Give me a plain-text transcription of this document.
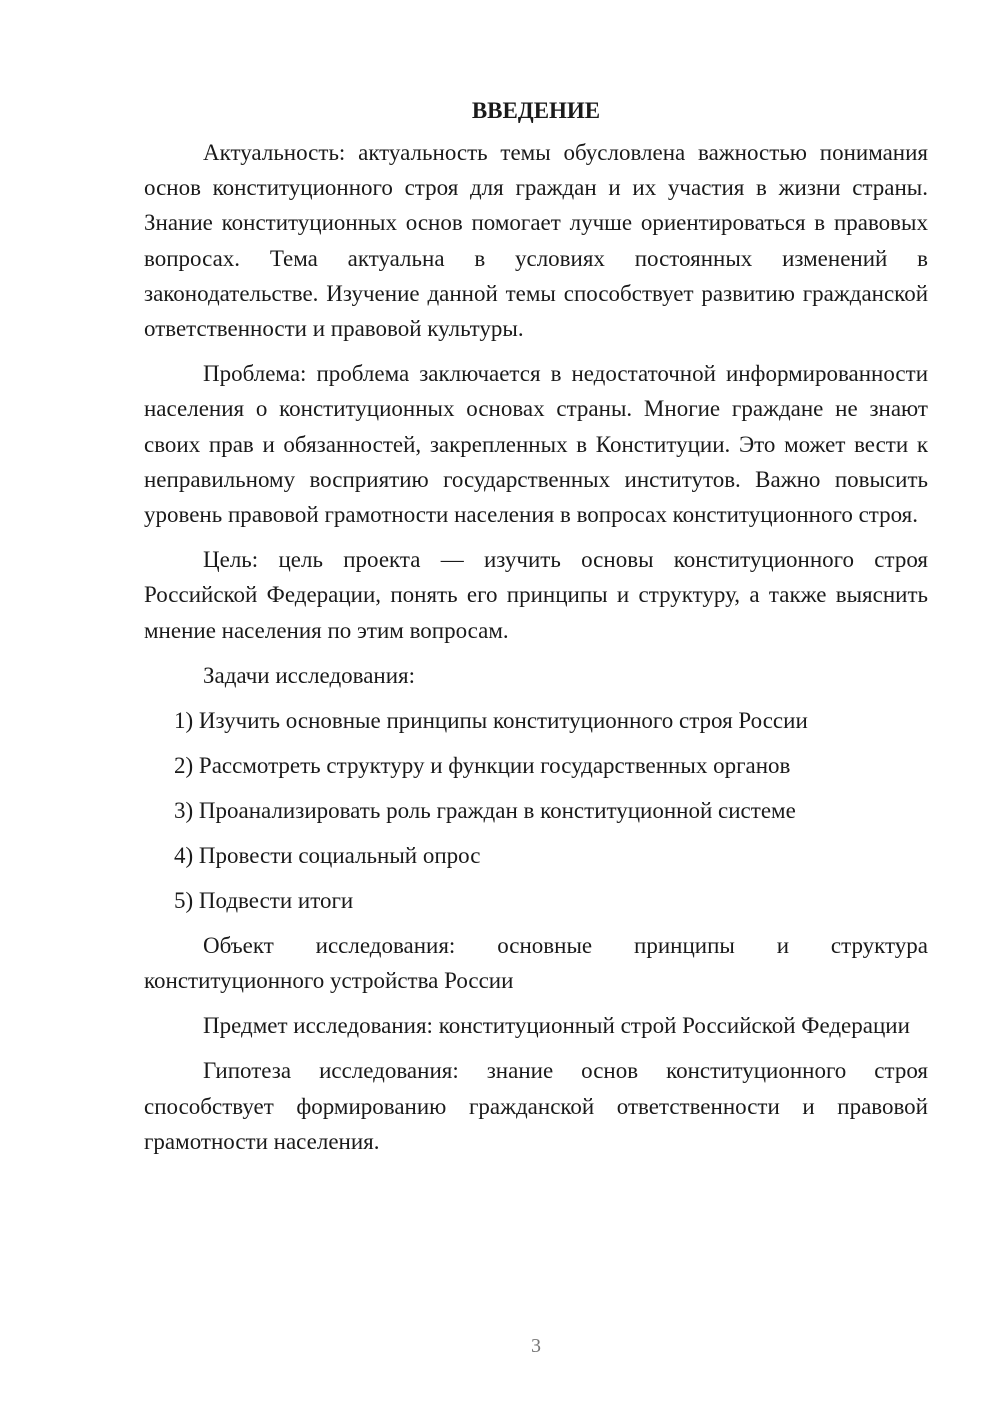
ВВЕДЕНИЕ

Актуальность: актуальность темы обусловлена важностью понимания основ конституционного строя для граждан и их участия в жизни страны. Знание конституционных основ помогает лучше ориентироваться в правовых вопросах. Тема актуальна в условиях постоянных изменений в законодательстве. Изучение данной темы способствует развитию гражданской ответственности и правовой культуры.

Проблема: проблема заключается в недостаточной информированности населения о конституционных основах страны. Многие граждане не знают своих прав и обязанностей, закрепленных в Конституции. Это может вести к неправильному восприятию государственных институтов. Важно повысить уровень правовой грамотности населения в вопросах конституционного строя.

Цель: цель проекта — изучить основы конституционного строя Российской Федерации, понять его принципы и структуру, а также выяснить мнение населения по этим вопросам.

Задачи исследования:

1) Изучить основные принципы конституционного строя России
2) Рассмотреть структуру и функции государственных органов
3) Проанализировать роль граждан в конституционной системе
4) Провести социальный опрос
5) Подвести итоги

Объект исследования: основные принципы и структура конституционного устройства России

Предмет исследования: конституционный строй Российской Федерации

Гипотеза исследования: знание основ конституционного строя способствует формированию гражданской ответственности и правовой грамотности населения.

3
